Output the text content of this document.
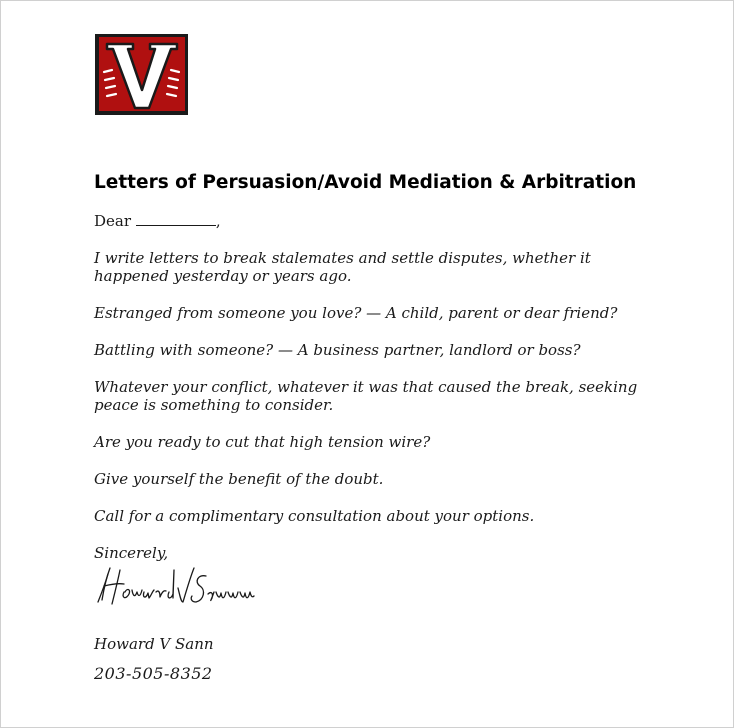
Letters of Persuasion/Avoid Mediation & Arbitration

Dear	,

I write letters to break stalemates and settle disputes, whether it happened yesterday or years ago.

Estranged from someone you love? — A child, parent or dear friend?

Battling with someone? — A business partner, landlord or boss?

Whatever your conflict, whatever it was that caused the break, seeking peace is something to consider.

Are you ready to cut that high tension wire?

Give yourself the benefit of the doubt.

Call for a complimentary consultation about your options.

Sincerely,

Howard V Sann
203-505-8352
